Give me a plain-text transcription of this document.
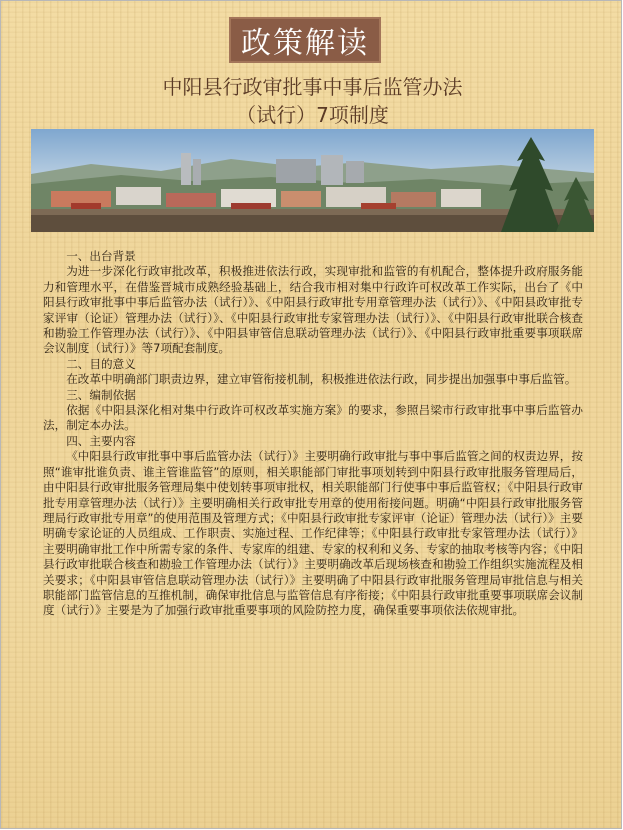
政策解读
中阳县行政审批事中事后监管办法
（试行）7项制度
一、出台背景

为进一步深化行政审批改革，积极推进依法行政，实现审批和监管的有机配合，整体提升政府服务能力和管理水平，在借鉴晋城市成熟经验基础上，结合我市相对集中行政许可权改革工作实际，出台了《中阳县行政审批事中事后监管办法（试行）》、《中阳县行政审批专用章管理办法（试行）》、《中阳县政审批专家评审（论证）管理办法（试行）》、《中阳县行政审批专家管理办法（试行）》、《中阳县行政审批联合核查和勘验工作管理办法（试行）》、《中阳县审管信息联动管理办法（试行）》、《中阳县行政审批重要事项联席会议制度（试行）》等7项配套制度。

二、目的意义

在改革中明确部门职责边界，建立审管衔接机制，积极推进依法行政，同步提出加强事中事后监管。

三、编制依据

依据《中阳县深化相对集中行政许可权改革实施方案》的要求，参照吕梁市行政审批事中事后监管办法，制定本办法。

四、主要内容

《中阳县行政审批事中事后监管办法（试行）》主要明确行政审批与事中事后监管之间的权责边界，按照“谁审批谁负责、谁主管谁监管”的原则，相关职能部门审批事项划转到中阳县行政审批服务管理局后，由中阳县行政审批服务管理局集中使划转事项审批权，相关职能部门行使事中事后监管权；《中阳县行政审批专用章管理办法（试行）》主要明确相关行政审批专用章的使用衔接问题。明确“中阳县行政审批服务管理局行政审批专用章”的使用范围及管理方式；《中阳县行政审批专家评审（论证）管理办法（试行）》主要明确专家论证的人员组成、工作职责、实施过程、工作纪律等；《中阳县行政审批专家管理办法（试行）》主要明确审批工作中所需专家的条件、专家库的组建、专家的权利和义务、专家的抽取考核等内容；《中阳县行政审批联合核查和勘验工作管理办法（试行）》主要明确改革后现场核查和勘验工作组织实施流程及相关要求；《中阳县审管信息联动管理办法（试行）》主要明确了中阳县行政审批服务管理局审批信息与相关职能部门监管信息的互推机制，确保审批信息与监管信息有序衔接；《中阳县行政审批重要事项联席会议制度（试行）》主要是为了加强行政审批重要事项的风险防控力度，确保重要事项依法依规审批。
